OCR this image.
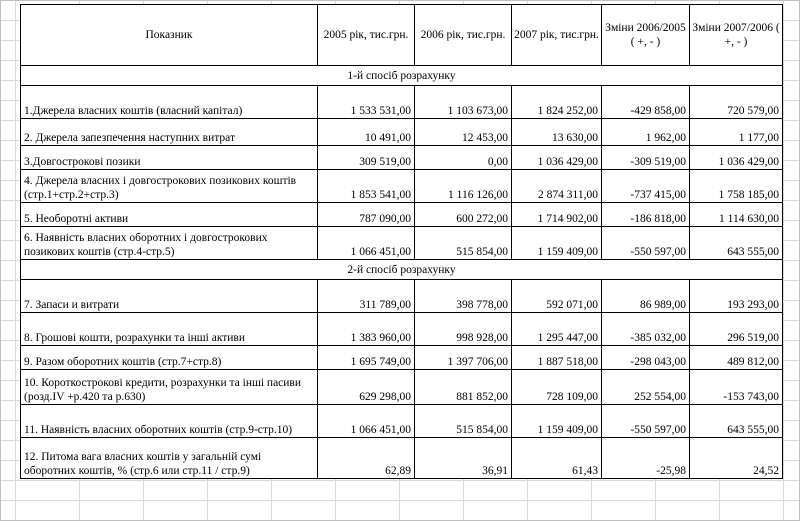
Показник	2005 рік, тис.грн.	2006 рік, тис.грн.	2007 рік, тис.грн.	Зміни 2006/2005 ( +, - )	Зміни 2007/2006 ( +, - )
1-й спосіб розрахунку					
1.Джерела власних коштів (власний капітал)	1 533 531,00	1 103 673,00	1 824 252,00	-429 858,00	720 579,00
2. Джерела запезпечення наступних витрат	10 491,00	12 453,00	13 630,00	1 962,00	1 177,00
3.Довгострокові позики	309 519,00	0,00	1 036 429,00	-309 519,00	1 036 429,00
4. Джерела власних і довгострокових позикових коштів (стр.1+стр.2+стр.3)	1 853 541,00	1 116 126,00	2 874 311,00	-737 415,00	1 758 185,00
5. Необоротні активи	787 090,00	600 272,00	1 714 902,00	-186 818,00	1 114 630,00
6. Наявність власних оборотних і довгострокових позикових коштів (стр.4-стр.5)	1 066 451,00	515 854,00	1 159 409,00	-550 597,00	643 555,00
2-й спосіб розрахунку					
7. Запаси и витрати	311 789,00	398 778,00	592 071,00	86 989,00	193 293,00
8. Грошові кошти, розрахунки та інші активи	1 383 960,00	998 928,00	1 295 447,00	-385 032,00	296 519,00
9. Разом оборотних коштів (стр.7+стр.8)	1 695 749,00	1 397 706,00	1 887 518,00	-298 043,00	489 812,00
10. Короткострокові кредити, розрахунки та інші пасиви (розд.IV +р.420 та р.630)	629 298,00	881 852,00	728 109,00	252 554,00	-153 743,00
11. Наявність власних оборотних коштів (стр.9-стр.10)	1 066 451,00	515 854,00	1 159 409,00	-550 597,00	643 555,00
12. Питома вага власних коштів у загальній сумі оборотних коштів, % (стр.6 или стр.11 / стр.9)	62,89	36,91	61,43	-25,98	24,52
